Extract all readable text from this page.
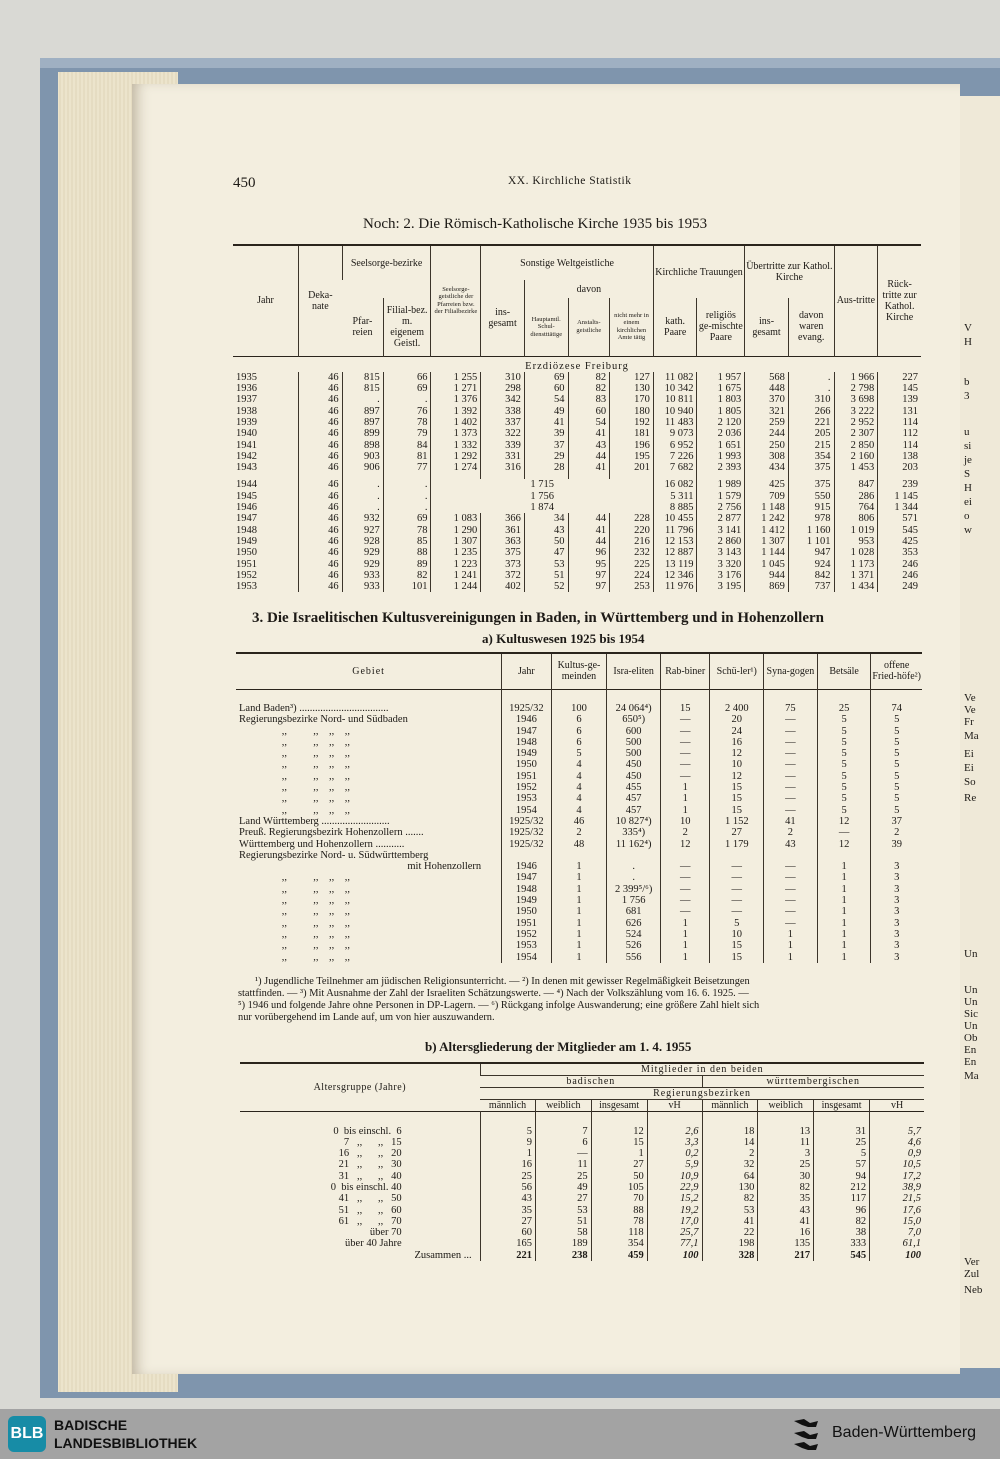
V
H
b
3
u
si
je
S
H
ei
o
w
Ve
Ve
Fr
Ma
Ei
Ei
So
Re
Un
Un
Un
Sic
Un
Ob
En
En
Ma
Ver
Zul
Neb
450	XX. Kirchliche Statistik
Noch: 2. Die Römisch-Katholische Kirche 1935 bis 1953
Jahr	Deka-nate	Seelsorge-bezirke		Seelsorge-geistliche der Pfarreien bzw. der Filialbezirke	Sonstige Weltgeistliche				Kirchliche Trauungen		Übertritte zur Kathol. Kirche		Aus-tritte	Rück-tritte zur Kathol. Kirche
					ins-gesamt	davon								
		Pfar-reien	Filial-bez. m. eigenem Geistl.			Hauptamtl. Schul-dienstttätige	Anstalts-geistliche	nicht mehr in einem kirchlichen Amte tätig	kath. Paare	religiös ge-mischte Paare	ins-gesamt	davon waren evang.		
Erzdiözese Freiburg														
1935	46	815	66	1 255	310	69	82	127	11 082	1 957	568	.	1 966	227
1936	46	815	69	1 271	298	60	82	130	10 342	1 675	448	.	2 798	145
1937	46	.	.	1 376	342	54	83	170	10 811	1 803	370	310	3 698	139
1938	46	897	76	1 392	338	49	60	180	10 940	1 805	321	266	3 222	131
1939	46	897	78	1 402	337	41	54	192	11 483	2 120	259	221	2 952	114
1940	46	899	79	1 373	322	39	41	181	9 073	2 036	244	205	2 307	112
1941	46	898	84	1 332	339	37	43	196	6 952	1 651	250	215	2 850	114
1942	46	903	81	1 292	331	29	44	195	7 226	1 993	308	354	2 160	138
1943	46	906	77	1 274	316	28	41	201	7 682	2 393	434	375	1 453	203

1944	46	.	.	1 715					16 082	1 989	425	375	847	239
1945	46	.	.	1 756					5 311	1 579	709	550	286	1 145
1946	46	.	.	1 874					8 885	2 756	1 148	915	764	1 344
1947	46	932	69	1 083	366	34	44	228	10 455	2 877	1 242	978	806	571
1948	46	927	78	1 290	361	43	41	220	11 796	3 141	1 412	1 160	1 019	545
1949	46	928	85	1 307	363	50	44	216	12 153	2 860	1 307	1 101	953	425
1950	46	929	88	1 235	375	47	96	232	12 887	3 143	1 144	947	1 028	353
1951	46	929	89	1 223	373	53	95	225	13 119	3 320	1 045	924	1 173	246
1952	46	933	82	1 241	372	51	97	224	12 346	3 176	944	842	1 371	246
1953	46	933	101	1 244	402	52	97	253	11 976	3 195	869	737	1 434	249
3. Die Israelitischen Kultusvereinigungen in Baden, in Württemberg und in Hohenzollern
a) Kultuswesen 1925 bis 1954
Gebiet	Jahr	Kultus-ge-meinden	Isra-eliten	Rab-biner	Schü-ler¹)	Syna-gogen	Betsäle	offene Fried-höfe²)

Land Baden³) ..................................	1925/32	100	24 064⁴)	15	2 400	75	25	74
Regierungsbezirke Nord- und Südbaden	1946	6	650⁵)	—	20	—	5	5
,,          ,,    ,,    ,,	1947	6	600	—	24	—	5	5
,,          ,,    ,,    ,,	1948	6	500	—	16	—	5	5
,,          ,,    ,,    ,,	1949	5	500	—	12	—	5	5
,,          ,,    ,,    ,,	1950	4	450	—	10	—	5	5
,,          ,,    ,,    ,,	1951	4	450	—	12	—	5	5
,,          ,,    ,,    ,,	1952	4	455	1	15	—	5	5
,,          ,,    ,,    ,,	1953	4	457	1	15	—	5	5
,,          ,,    ,,    ,,	1954	4	457	1	15	—	5	5
Land Württemberg ..........................	1925/32	46	10 827⁴)	10	1 152	41	12	37
Preuß. Regierungsbezirk Hohenzollern .......	1925/32	2	335⁴)	2	27	2	—	2
Württemberg und Hohenzollern ...........	1925/32	48	11 162⁴)	12	1 179	43	12	39
Regierungsbezirke Nord- u. Südwürttemberg								
mit Hohenzollern	1946	1	.	—	—	—	1	3
,,          ,,    ,,    ,,	1947	1	.	—	—	—	1	3
,,          ,,    ,,    ,,	1948	1	2 399⁵/⁶)	—	—	—	1	3
,,          ,,    ,,    ,,	1949	1	1 756	—	—	—	1	3
,,          ,,    ,,    ,,	1950	1	681	—	—	—	1	3
,,          ,,    ,,    ,,	1951	1	626	1	5	—	1	3
,,          ,,    ,,    ,,	1952	1	524	1	10	1	1	3
,,          ,,    ,,    ,,	1953	1	526	1	15	1	1	3
,,          ,,    ,,    ,,	1954	1	556	1	15	1	1	3
¹) Jugendliche Teilnehmer am jüdischen Religionsunterricht. — ²) In denen mit gewisser Regelmäßigkeit Beisetzungen
stattfinden. — ³) Mit Ausnahme der Zahl der Israeliten Schätzungswerte. — ⁴) Nach der Volkszählung vom 16. 6. 1925. —
⁵) 1946 und folgende Jahre ohne Personen in DP-Lagern. — ⁶) Rückgang infolge Auswanderung; eine größere Zahl hielt sich
nur vorübergehend im Lande auf, um von hier auszuwandern.
b) Altersgliederung der Mitglieder am 1. 4. 1955
Altersgruppe (Jahre)	Mitglieder in den beiden							
	badischen				württembergischen			
	Regierungsbezirken							
	männlich	weiblich	insgesamt	vH	männlich	weiblich	insgesamt	vH

0  bis einschl.  6	5	7	12	2,6	18	13	31	5,7
7   ,,      ,,   15	9	6	15	3,3	14	11	25	4,6
16   ,,      ,,   20	1	—	1	0,2	2	3	5	0,9
21   ,,      ,,   30	16	11	27	5,9	32	25	57	10,5
31   ,,      ,,   40	25	25	50	10,9	64	30	94	17,2
0  bis einschl. 40	56	49	105	22,9	130	82	212	38,9
41   ,,      ,,   50	43	27	70	15,2	82	35	117	21,5
51   ,,      ,,   60	35	53	88	19,2	53	43	96	17,6
61   ,,      ,,   70	27	51	78	17,0	41	41	82	15,0
über 70	60	58	118	25,7	22	16	38	7,0
über 40 Jahre	165	189	354	77,1	198	135	333	61,1
Zusammen ...	221	238	459	100	328	217	545	100
BLB BADISCHE
LANDESBIBLIOTHEK
Baden-Württemberg
